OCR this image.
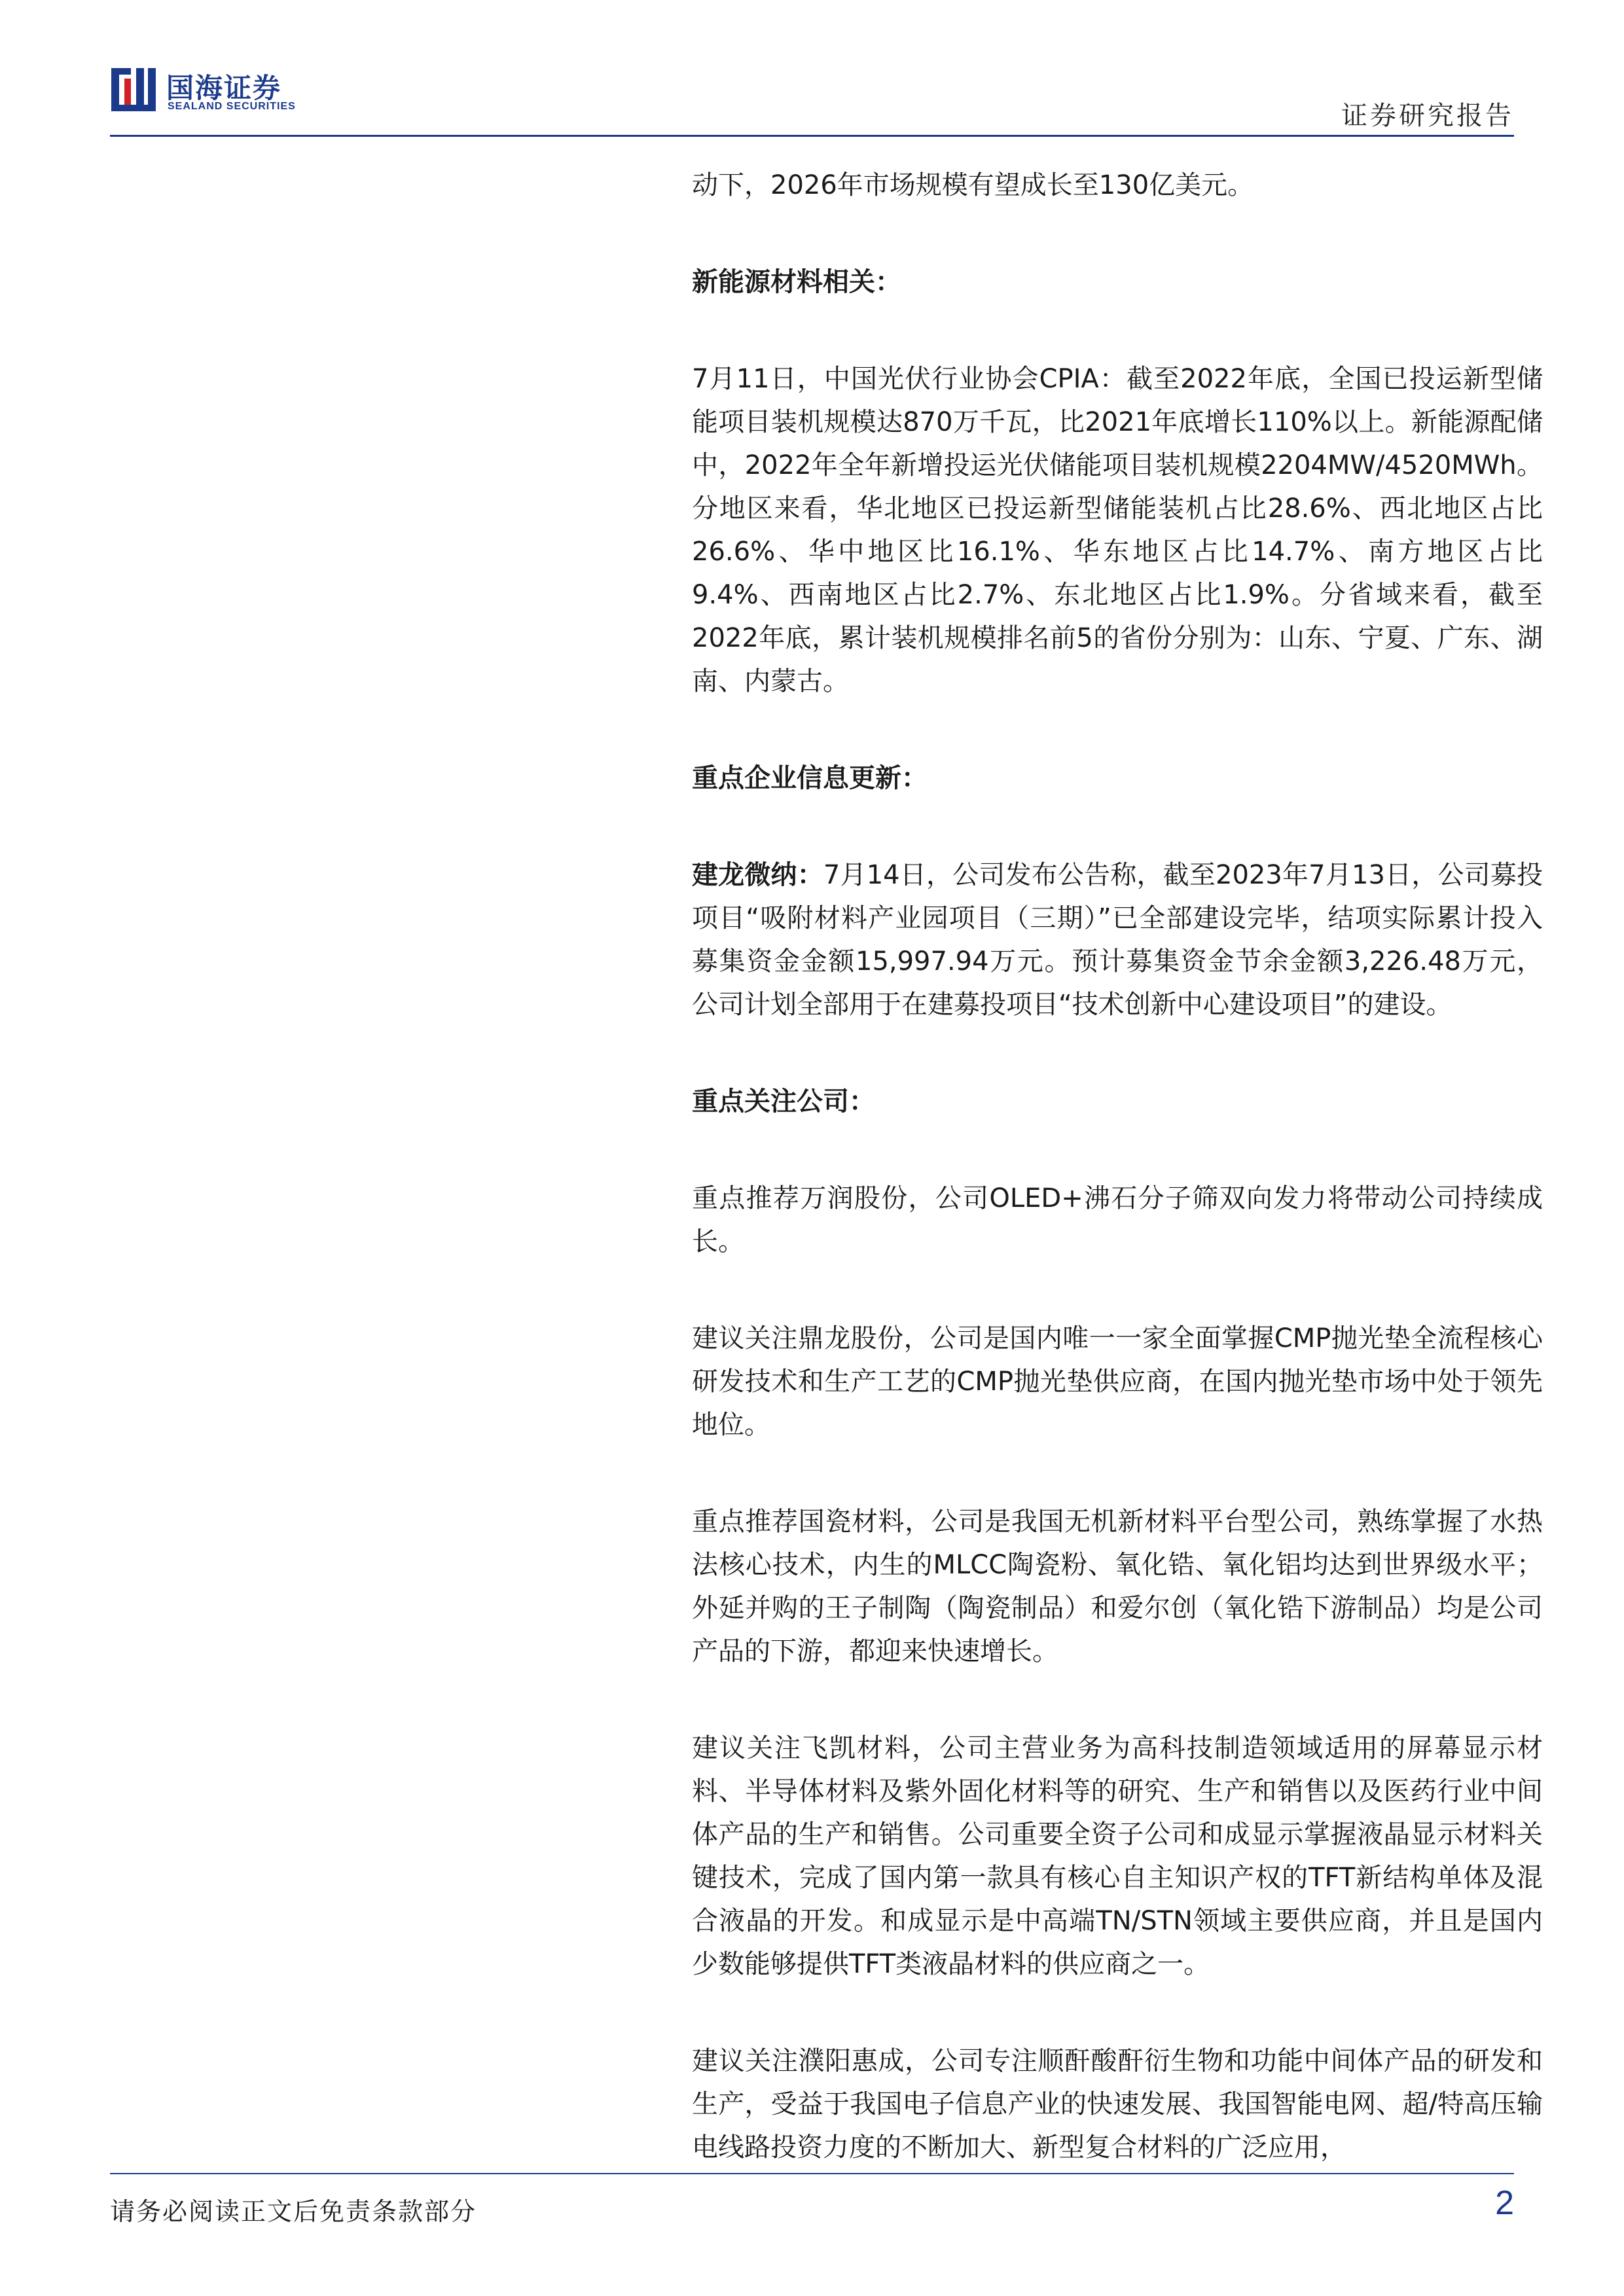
国海证券
SEALAND SECURITIES	证券研究报告

动下，2026年市场规模有望成长至130亿美元。

新能源材料相关：

7月11日，中国光伏行业协会CPIA：截至2022年底，全国已投运新型储能项目装机规模达870万千瓦，比2021年底增长110%以上。新能源配储中，2022年全年新增投运光伏储能项目装机规模2204MW/4520MWh。分地区来看，华北地区已投运新型储能装机占比28.6%、西北地区占比26.6%、华中地区比16.1%、华东地区占比14.7%、南方地区占比9.4%、西南地区占比2.7%、东北地区占比1.9%。分省域来看，截至2022年底，累计装机规模排名前5的省份分别为：山东、宁夏、广东、湖南、内蒙古。

重点企业信息更新：

建龙微纳：7月14日，公司发布公告称，截至2023年7月13日，公司募投项目“吸附材料产业园项目（三期）”已全部建设完毕，结项实际累计投入募集资金金额15,997.94万元。预计募集资金节余金额3,226.48万元，公司计划全部用于在建募投项目“技术创新中心建设项目”的建设。

重点关注公司：

重点推荐万润股份，公司OLED+沸石分子筛双向发力将带动公司持续成长。

建议关注鼎龙股份，公司是国内唯一一家全面掌握CMP抛光垫全流程核心研发技术和生产工艺的CMP抛光垫供应商，在国内抛光垫市场中处于领先地位。

重点推荐国瓷材料，公司是我国无机新材料平台型公司，熟练掌握了水热法核心技术，内生的MLCC陶瓷粉、氧化锆、氧化铝均达到世界级水平；外延并购的王子制陶（陶瓷制品）和爱尔创（氧化锆下游制品）均是公司产品的下游，都迎来快速增长。

建议关注飞凯材料，公司主营业务为高科技制造领域适用的屏幕显示材料、半导体材料及紫外固化材料等的研究、生产和销售以及医药行业中间体产品的生产和销售。公司重要全资子公司和成显示掌握液晶显示材料关键技术，完成了国内第一款具有核心自主知识产权的TFT新结构单体及混合液晶的开发。和成显示是中高端TN/STN领域主要供应商，并且是国内少数能够提供TFT类液晶材料的供应商之一。

建议关注濮阳惠成，公司专注顺酐酸酐衍生物和功能中间体产品的研发和生产，受益于我国电子信息产业的快速发展、我国智能电网、超/特高压输电线路投资力度的不断加大、新型复合材料的广泛应用，

请务必阅读正文后免责条款部分	2
